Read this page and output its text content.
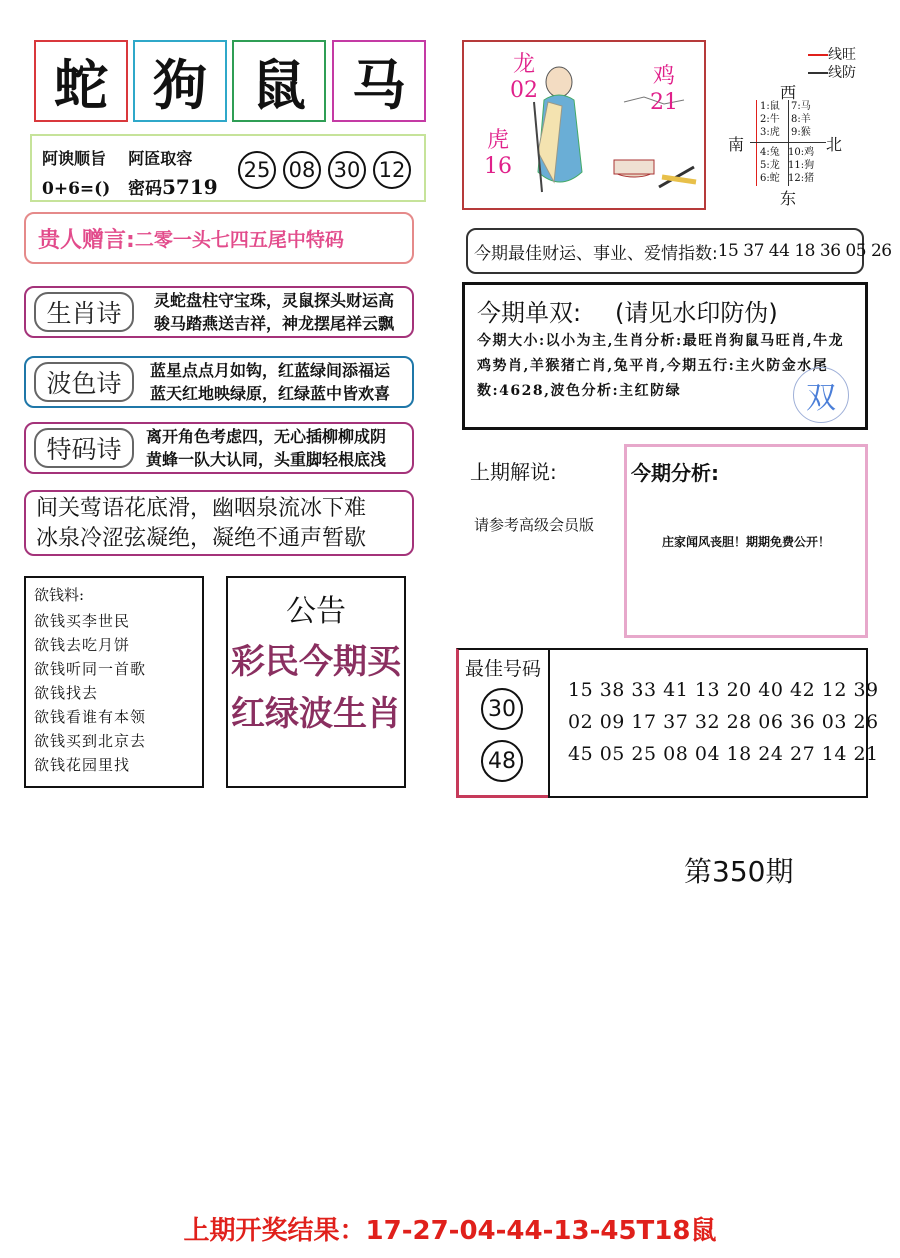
蛇 狗 鼠 马
阿谀顺旨 阿匼取容
0+6=() 密码5719
25 08 30 12
贵人赠言: 二零一头七四五尾中特码
生肖诗	灵蛇盘柱守宝珠，灵鼠探头财运高
骏马踏燕送吉祥，神龙摆尾祥云飘
波色诗	蓝星点点月如钩，红蓝绿间添福运
蓝天红地映绿原，红绿蓝中皆欢喜
特码诗	离开角色考虑四，无心插柳柳成阴
黄蜂一队大认同，头重脚轻根底浅
间关莺语花底滑，幽咽泉流冰下难
冰泉冷涩弦凝绝，凝绝不通声暂歇
欲钱料:
欲钱买李世民
欲钱去吃月饼
欲钱听同一首歌
欲钱找去
欲钱看谁有本领
欲钱买到北京去
欲钱花园里找
公告
彩民今期买
红绿波生肖
龙
02
鸡
21
虎
16
线旺
线防
西
东
南	北
1:鼠
2:牛
3:虎
7:马
8:羊
9:猴
4:兔
5:龙
6:蛇
10:鸡
11:狗
12:猪
今期最佳财运、事业、爱情指数: 15 37 44 18 36 05 26
今期单双: (请见水印防伪)
今期大小:以小为主,生肖分析:最旺肖狗鼠马旺肖,牛龙鸡势肖,羊猴猪亡肖,兔平肖,今期五行:主火防金水尾数:4628,波色分析:主红防绿	双
上期解说:
请参考高级会员版
今期分析:
庄家闻风丧胆！期期免费公开！
最佳号码
30
48
15 38 33 41 13 20 40 42 12 39
02 09 17 37 32 28 06 36 03 26
45 05 25 08 04 18 24 27 14 21
第350期
上期开奖结果：17-27-04-44-13-45T18鼠
